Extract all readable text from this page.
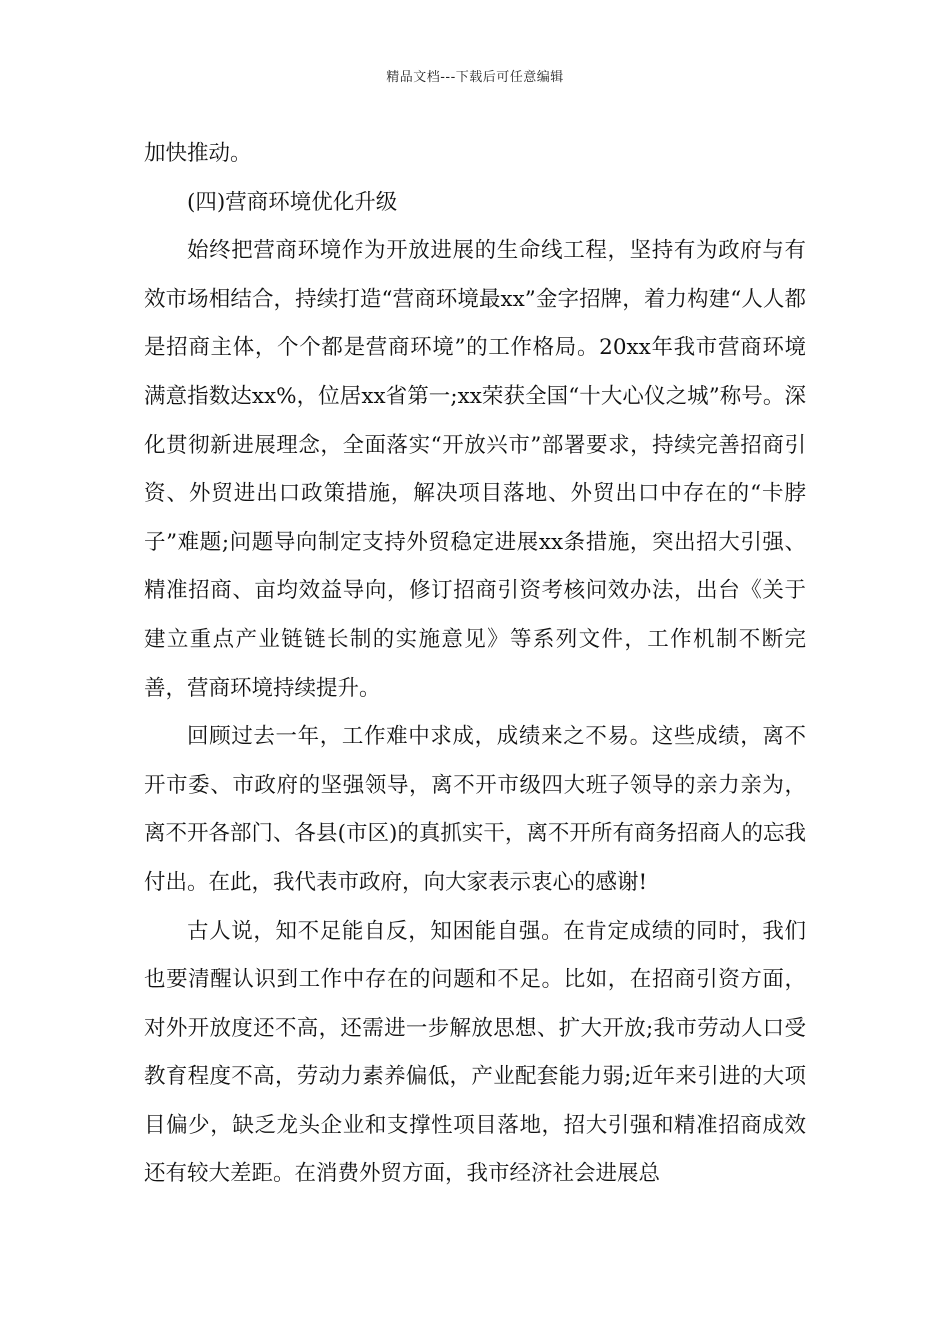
精品文档---下载后可任意编辑

加快推动。

(四)营商环境优化升级

始终把营商环境作为开放进展的生命线工程，坚持有为政府与有效市场相结合，持续打造“营商环境最xx”金字招牌，着力构建“人人都是招商主体，个个都是营商环境”的工作格局。20xx年我市营商环境满意指数达xx%，位居xx省第一;xx荣获全国“十大心仪之城”称号。深化贯彻新进展理念，全面落实“开放兴市”部署要求，持续完善招商引资、外贸进出口政策措施，解决项目落地、外贸出口中存在的“卡脖子”难题;问题导向制定支持外贸稳定进展xx条措施，突出招大引强、精准招商、亩均效益导向，修订招商引资考核问效办法，出台《关于建立重点产业链链长制的实施意见》等系列文件，工作机制不断完善，营商环境持续提升。

回顾过去一年，工作难中求成，成绩来之不易。这些成绩，离不开市委、市政府的坚强领导，离不开市级四大班子领导的亲力亲为，离不开各部门、各县(市区)的真抓实干，离不开所有商务招商人的忘我付出。在此，我代表市政府，向大家表示衷心的感谢!

古人说，知不足能自反，知困能自强。在肯定成绩的同时，我们也要清醒认识到工作中存在的问题和不足。比如，在招商引资方面，对外开放度还不高，还需进一步解放思想、扩大开放;我市劳动人口受教育程度不高，劳动力素养偏低，产业配套能力弱;近年来引进的大项目偏少，缺乏龙头企业和支撑性项目落地，招大引强和精准招商成效还有较大差距。在消费外贸方面，我市经济社会进展总
